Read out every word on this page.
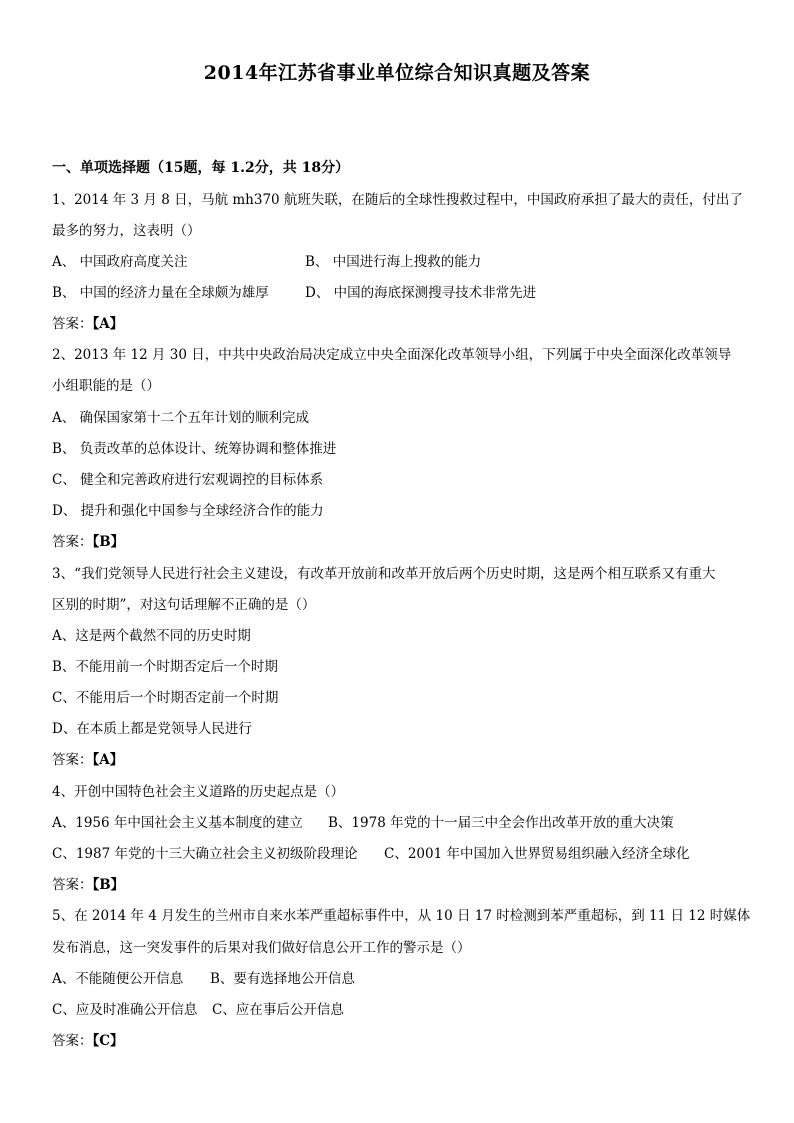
2014年江苏省事业单位综合知识真题及答案
一、单项选择题（15题，每 1.2分，共 18分）
1、2014 年 3 月 8 日，马航 mh370 航班失联，在随后的全球性搜救过程中，中国政府承担了最大的责任，付出了
最多的努力，这表明（）
A、 中国政府高度关注	B、 中国进行海上搜救的能力
B、 中国的经济力量在全球颇为雄厚	D、 中国的海底探测搜寻技术非常先进
答案：【A】
2、2013 年 12 月 30 日，中共中央政治局决定成立中央全面深化改革领导小组，下列属于中央全面深化改革领导
小组职能的是（）
A、 确保国家第十二个五年计划的顺利完成
B、 负责改革的总体设计、统筹协调和整体推进
C、 健全和完善政府进行宏观调控的目标体系
D、 提升和强化中国参与全球经济合作的能力
答案：【B】
3、“我们党领导人民进行社会主义建设，有改革开放前和改革开放后两个历史时期，这是两个相互联系又有重大
区别的时期”，对这句话理解不正确的是（）
A、这是两个截然不同的历史时期
B、不能用前一个时期否定后一个时期
C、不能用后一个时期否定前一个时期
D、在本质上都是党领导人民进行
答案：【A】
4、开创中国特色社会主义道路的历史起点是（）
A、1956 年中国社会主义基本制度的建立 B、1978 年党的十一届三中全会作出改革开放的重大决策
C、1987 年党的十三大确立社会主义初级阶段理论 C、2001 年中国加入世界贸易组织融入经济全球化
答案：【B】
5、在 2014 年 4 月发生的兰州市自来水苯严重超标事件中，从 10 日 17 时检测到苯严重超标，到 11 日 12 时媒体
发布消息，这一突发事件的后果对我们做好信息公开工作的警示是（）
A、不能随便公开信息 B、要有选择地公开信息
C、应及时准确公开信息 C、应在事后公开信息
答案：【C】
